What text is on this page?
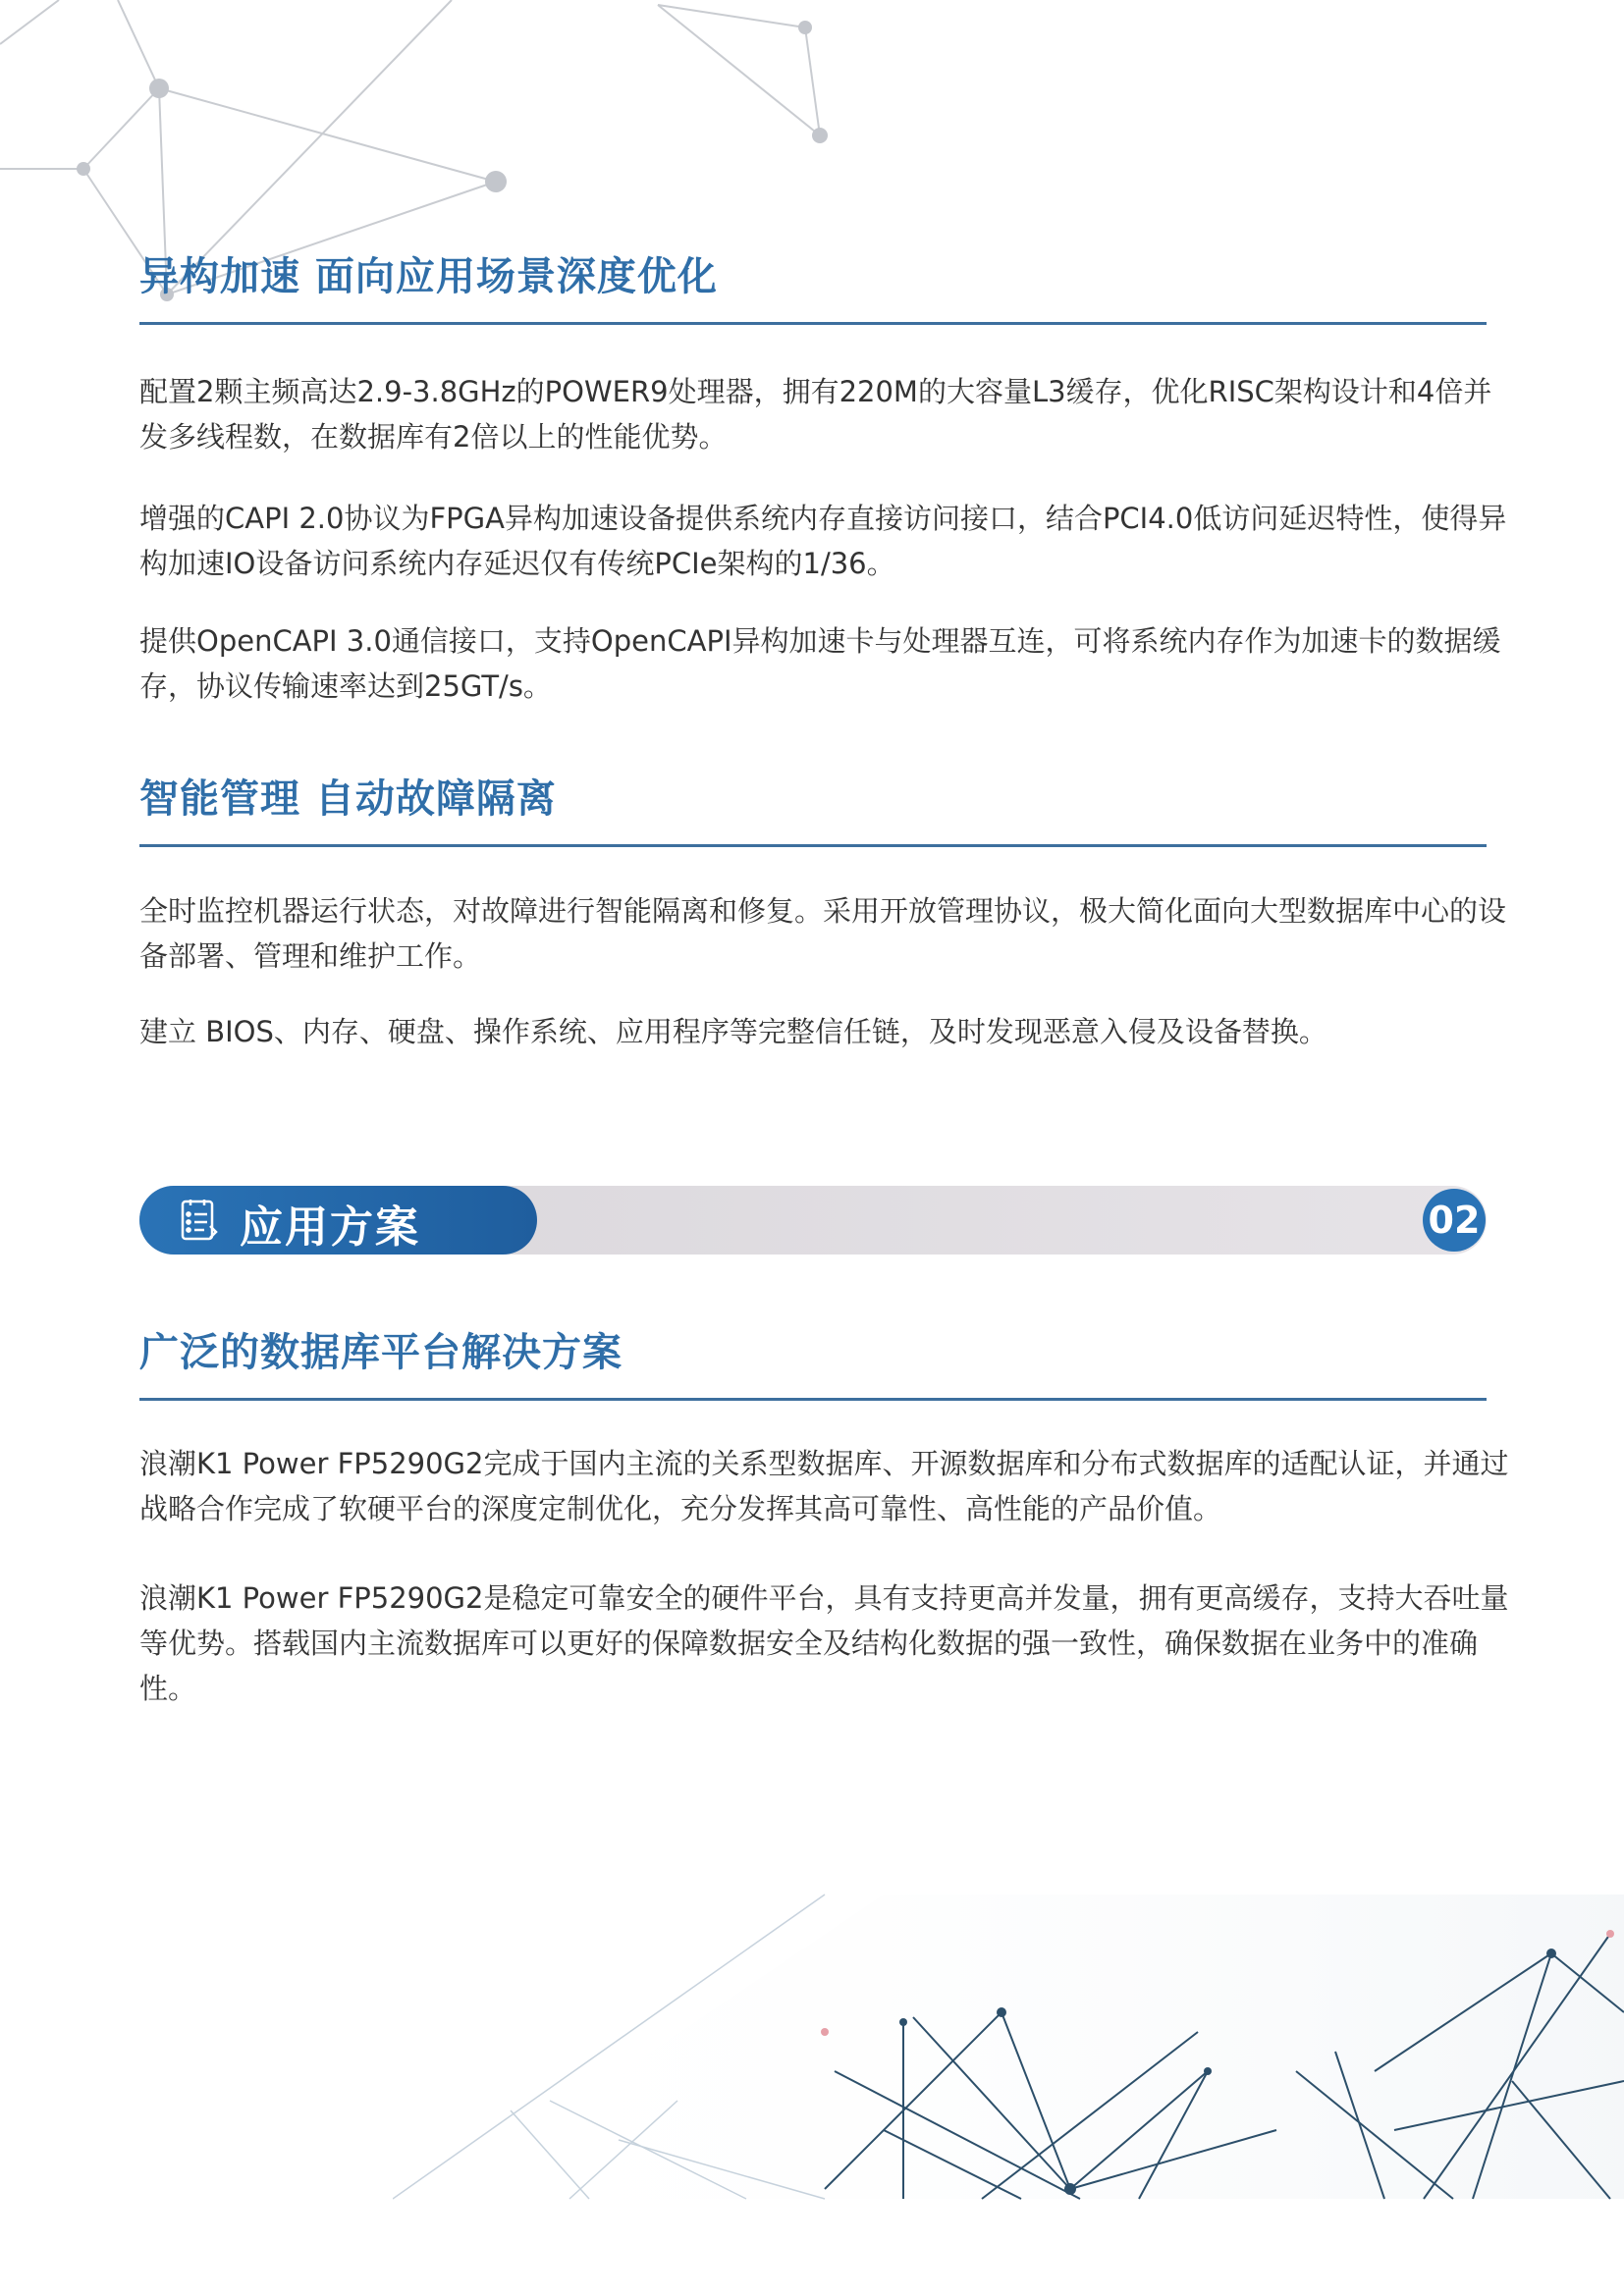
异构加速 面向应用场景深度优化

配置2颗主频高达2.9-3.8GHz的POWER9处理器，拥有220M的大容量L3缓存，优化RISC架构设计和4倍并发多线程数，在数据库有2倍以上的性能优势。

增强的CAPI 2.0协议为FPGA异构加速设备提供系统内存直接访问接口，结合PCI4.0低访问延迟特性，使得异构加速IO设备访问系统内存延迟仅有传统PCIe架构的1/36。

提供OpenCAPI 3.0通信接口，支持OpenCAPI异构加速卡与处理器互连，可将系统内存作为加速卡的数据缓存，协议传输速率达到25GT/s。

智能管理 自动故障隔离

全时监控机器运行状态，对故障进行智能隔离和修复。采用开放管理协议，极大简化面向大型数据库中心的设备部署、管理和维护工作。

建立 BIOS、内存、硬盘、操作系统、应用程序等完整信任链，及时发现恶意入侵及设备替换。

应用方案	02
广泛的数据库平台解决方案

浪潮K1 Power FP5290G2完成于国内主流的关系型数据库、开源数据库和分布式数据库的适配认证，并通过战略合作完成了软硬平台的深度定制优化，充分发挥其高可靠性、高性能的产品价值。

浪潮K1 Power FP5290G2是稳定可靠安全的硬件平台，具有支持更高并发量，拥有更高缓存，支持大吞吐量等优势。搭载国内主流数据库可以更好的保障数据安全及结构化数据的强一致性，确保数据在业务中的准确性。
